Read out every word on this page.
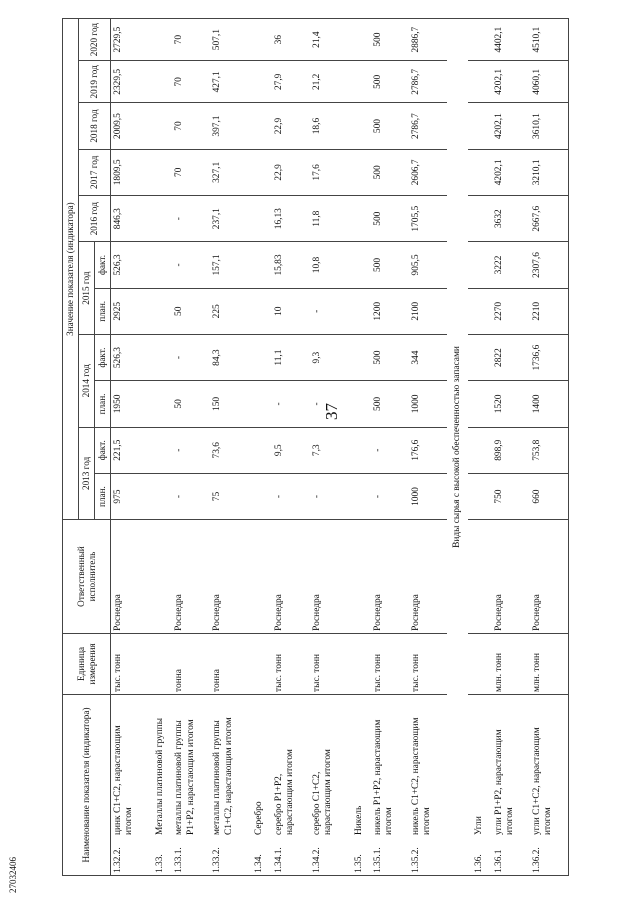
37
27032406
Наименование показателя (индикатора)	Единица измерения	Ответственный исполнитель	Значение показателя (индикатора)										
			2013 год		2014 год		2015 год		2016 год	2017 год	2018 год	2019 год	2020 год
			план.	факт.	план.	факт.	план.	факт.					
1.32.2.цинк С1+С2, нарастающим итогом	тыс. тонн	Роснедра	975	221,5	1950	526,3	2925	526,3	846,3	1809,5	2009,5	2329,5	2729,5
1.33.Металлы платиновой группы													
1.33.1.металлы платиновой группы Р1+Р2, нарастающим итогом	тонна	Роснедра	-	-	50	-	50	-	-	70	70	70	70
1.33.2.металлы платиновой группы С1+С2, нарастающим итогом	тонна	Роснедра	75	73,6	150	84,3	225	157,1	237,1	327,1	397,1	427,1	507,1
1.34.Серебро													
1.34.1.серебро Р1+Р2, нарастающим итогом	тыс. тонн	Роснедра	-	9,5	-	11,1	10	15,83	16,13	22,9	22,9	27,9	36
1.34.2.серебро С1+С2, нарастающим итогом	тыс. тонн	Роснедра	-	7,3	-	9,3	-	10,8	11,8	17,6	18,6	21,2	21,4
1.35.Никель													
1.35.1.никель Р1+Р2, нарастающим итогом	тыс. тонн	Роснедра	-	-	500	500	1200	500	500	500	500	500	500
1.35.2.никель С1+С2, нарастающим итогом	тыс. тонн	Роснедра	1000	176,6	1000	344	2100	905,5	1705,5	2606,7	2786,7	2786,7	2886,7
Виды сырья с высокой обеспеченностью запасами													
1.36.Угли													
1.36.1угли Р1+Р2, нарастающим итогом	млн. тонн	Роснедра	750	898,9	1520	2822	2270	3222	3632	4202,1	4202,1	4202,1	4402,1
1.36.2.угли С1+С2, нарастающим итогом	млн. тонн	Роснедра	660	753,8	1400	1736,6	2210	2307,6	2667,6	3210,1	3610,1	4060,1	4510,1
